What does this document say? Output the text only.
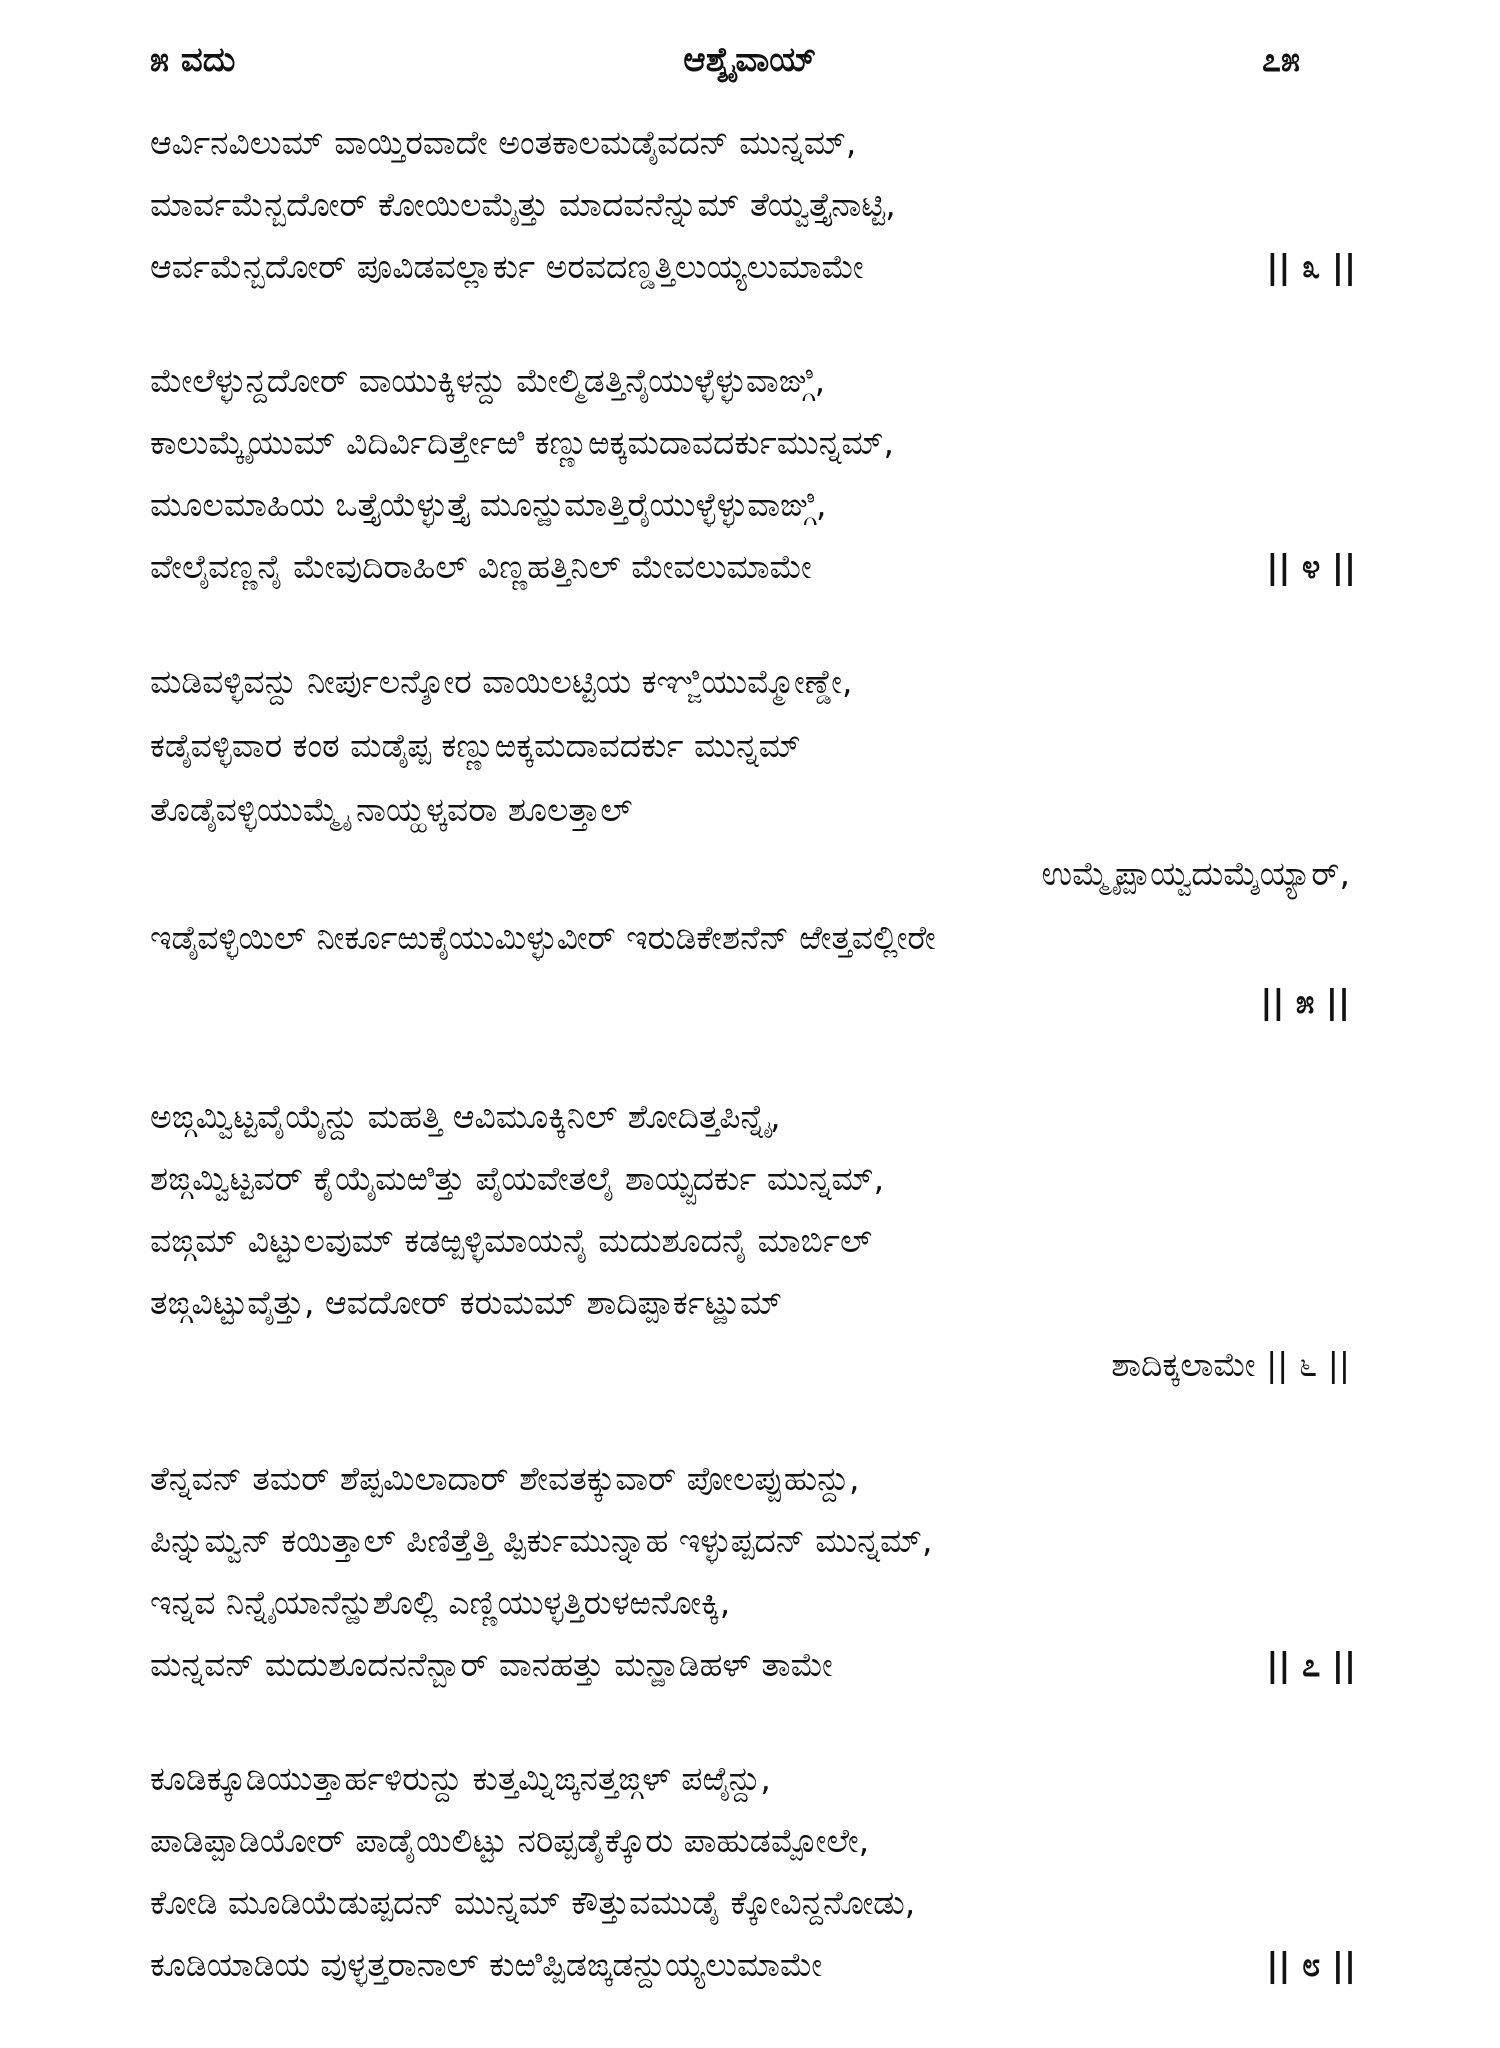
೫ ವದು	ಆಶ್ಶೈವಾಯ್	೭೫
ಆರ್ವಿನವಿಲುಮ್ ವಾಯ್ತಿರವಾದೇ ಅಂತಕಾಲಮಡೈವದನ್ ಮುನ್ನಮ್,
ಮಾರ್ವಮೆನ್ಬದೋರ್ ಕೋಯಿಲಮೈತ್ತು ಮಾದವನೆನ್ನುಮ್ ತೆಯ್ವತ್ತೈನಾಟ್ಟಿ,
ಆರ್ವಮೆನ್ಬದೋರ್ ಪೂವಿಡವಲ್ಲಾರ್ಕು ಅರವದಣ್ಡತ್ತಿಲುಯ್ಯಲುಮಾಮೇ	|| ೩ ||
ಮೇಲೆಳ್ಳುನ್ದದೋರ್ ವಾಯುಕ್ಕಿಳನ್ದು ಮೇಲ್ಮಿಡತ್ತಿನೈಯುಳ್ಳೆಳ್ಳುವಾಙ್ಗಿ,
ಕಾಲುಮ್ಕೈಯುಮ್ ವಿದಿರ್ವಿದಿರ್ತ್ತೇಱಿ ಕಣ್ಣುಱಕ್ಕಮದಾವದರ್ಕುಮುನ್ನಮ್,
ಮೂಲಮಾಹಿಯ ಒತ್ತೈಯೆಳ್ಳುತ್ತೈ ಮೂನ್ಱುಮಾತ್ತಿರೈಯುಳ್ಳೆಳ್ಳುವಾಙ್ಗಿ,
ವೇಲೈವಣ್ಣನೈ ಮೇವುದಿರಾಹಿಲ್ ವಿಣ್ಣಹತ್ತಿನಿಲ್ ಮೇವಲುಮಾಮೇ	|| ೪ ||
ಮಡಿವಳ್ಳಿವನ್ದು ನೀರ್ಪುಲನ್ಶೋರ ವಾಯಿಲಟ್ಟಿಯ ಕಞ್ಜಿಯುಮ್ಮೋಣ್ಡೇ,
ಕಡೈವಳ್ಳಿವಾರ ಕಂಠ ಮಡೈಪ್ಪ ಕಣ್ಣುಱಕ್ಕಮದಾವದರ್ಕು ಮುನ್ನಮ್
ತೊಡೈವಳ್ಳಿಯುಮ್ಮೈ ನಾಯ್ಹಳ್ಕವರಾ ಶೂಲತ್ತಾಲ್
ಉಮ್ಮೈಪ್ಪಾಯ್ವದುಮ್ಶೆಯ್ಯಾರ್,
ಇಡೈವಳ್ಳಿಯಿಲ್ ನೀರ್ಕೂಱುಕೈಯುಮಿಳ್ಳುವೀರ್ ಇರುಡಿಕೇಶನೆನ್ ಱೇತ್ತವಲ್ಲೀರೇ
|| ೫ ||
ಅಙ್ಗಮ್ವಿಟ್ಟವೈಯೈನ್ದು ಮಹತ್ತಿ ಆವಿಮೂಕ್ಕಿನಿಲ್ ಶೋದಿತ್ತಪಿನ್ನೈ,
ಶಙ್ಗಮ್ವಿಟ್ಟವರ್ ಕೈಯೈಮಱಿತ್ತು ಪೈಯವೇತಲೈ ಶಾಯ್ಪ್ಪದರ್ಕು ಮುನ್ನಮ್,
ವಙ್ಗಮ್ ವಿಟ್ಟುಲವುಮ್ ಕಡಱ್ಪಳ್ಳಿಮಾಯನೈ ಮದುಶೂದನೈ ಮಾರ್ಬಿಲ್
ತಙ್ಗವಿಟ್ಟುವೈತ್ತು, ಆವದೋರ್ ಕರುಮಮ್ ಶಾದಿಪ್ಪಾರ್ಕಟ್ಱುಮ್
ಶಾದಿಕ್ಕಲಾಮೇ || ೬ ||
ತೆನ್ನವನ್ ತಮರ್ ಶೆಪ್ಪಮಿಲಾದಾರ್ ಶೇವತಕ್ಕುವಾರ್ ಪೋಲಪ್ಪುಹುನ್ದು,
ಪಿನ್ನುಮ್ವನ್ ಕಯಿತ್ತಾಲ್ ಪಿಣಿತ್ತೆತ್ತಿ ಪ್ಪಿರ್ಕುಮುನ್ನಾಹ ಇಳ್ಳುಪ್ಪದನ್ ಮುನ್ನಮ್,
ಇನ್ನವ ನಿನ್ನೈಯಾನೆನ್ಱುಶೊಲ್ಲಿ ಎಣ್ಣಿಯುಳ್ಳತ್ತಿರುಳಱನೋಕ್ಕಿ,
ಮನ್ನವನ್ ಮದುಶೂದನನೆನ್ಬಾರ್ ವಾನಹತ್ತು ಮನ್ಱಾಡಿಹಳ್ ತಾಮೇ	|| ೭ ||
ಕೂಡಿಕ್ಕೂಡಿಯುತ್ತಾರ್ಹಳಿರುನ್ದು ಕುತ್ತಮ್ನಿಙ್ಕನತ್ತಙ್ಗಳ್ ಪಱೈನ್ದು,
ಪಾಡಿಪ್ಪಾಡಿಯೋರ್ ಪಾಡೈಯಿಲಿಟ್ಟು ನರಿಪ್ಪಡೈಕ್ಕೊರು ಪಾಹುಡಮ್ಪೋಲೇ,
ಕೋಡಿ ಮೂಡಿಯೆಡುಪ್ಪದನ್ ಮುನ್ನಮ್ ಕೌತ್ತುವಮುಡೈ ಕ್ಕೋವಿನ್ದನೋಡು,
ಕೂಡಿಯಾಡಿಯ ವುಳ್ಳತ್ತರಾನಾಲ್ ಕುಱಿಪ್ಪಿಡಙ್ಕಡನ್ದುಯ್ಯಲುಮಾಮೇ	|| ೮ ||
